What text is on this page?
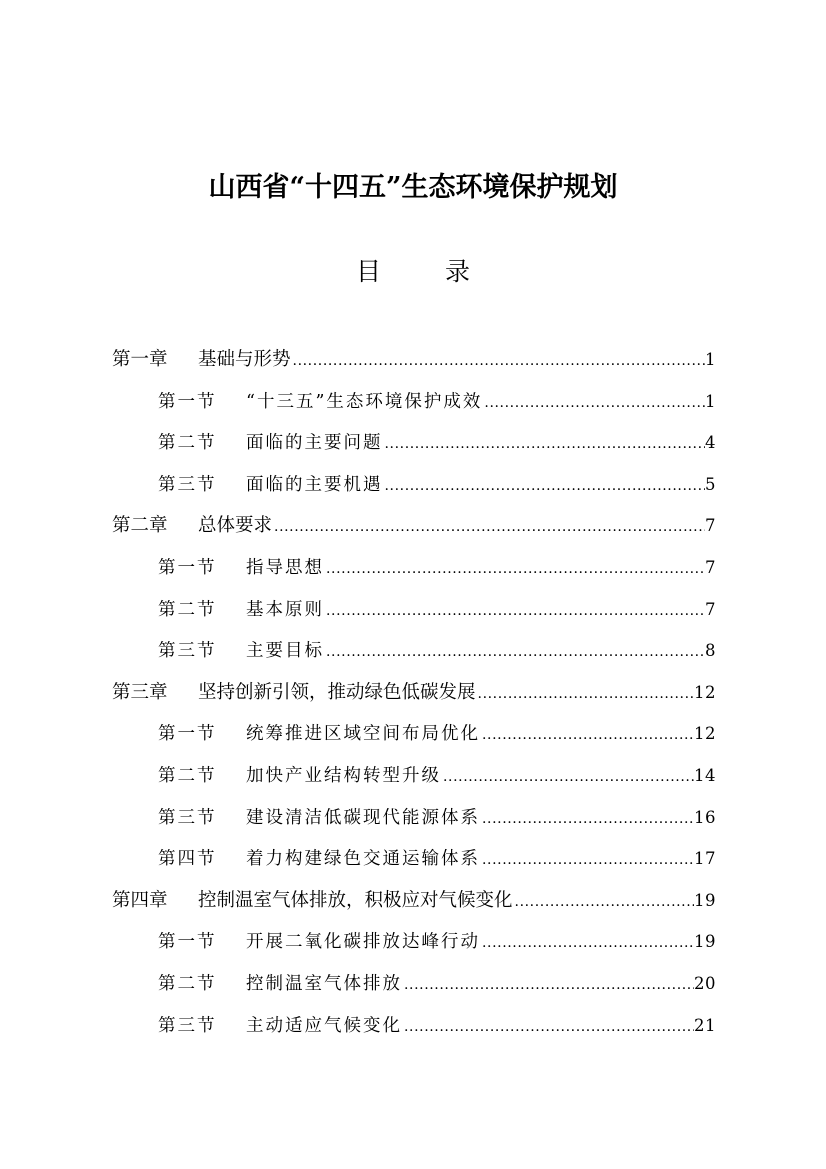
山西省“十四五”生态环境保护规划
目 录
第一章	基础与形势 .....	1
第一节	“十三五”生态环境保护成效 .....	1
第二节	面临的主要问题 .....	4
第三节	面临的主要机遇 .....	5
第二章	总体要求 .....	7
第一节	指导思想 .....	7
第二节	基本原则 .....	7
第三节	主要目标 .....	8
第三章	坚持创新引领，推动绿色低碳发展 .....	12
第一节	统筹推进区域空间布局优化 .....	12
第二节	加快产业结构转型升级 .....	14
第三节	建设清洁低碳现代能源体系 .....	16
第四节	着力构建绿色交通运输体系 .....	17
第四章	控制温室气体排放，积极应对气候变化 .....	19
第一节	开展二氧化碳排放达峰行动 .....	19
第二节	控制温室气体排放 .....	20
第三节	主动适应气候变化 .....	21
